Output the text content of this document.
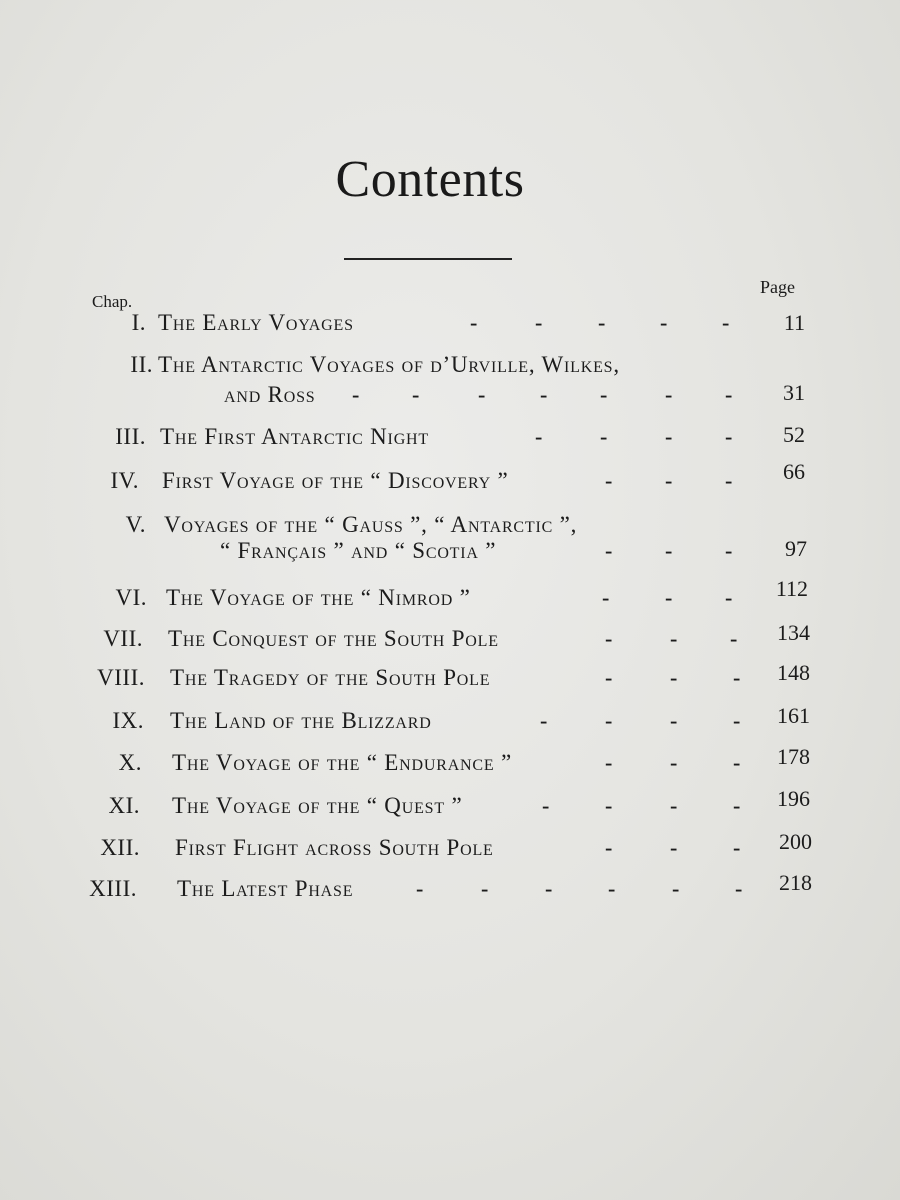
Contents
Chap.
Page
I. The Early Voyages	-	-	- - -	11
II. The Antarctic Voyages of d’Urville, Wilkes,
and Ross - -	- - -	- -	31
III. The First Antarctic Night	-	-	- -	52
IV. First Voyage of the “ Discovery ”	- - -	66
V. Voyages of the “ Gauss ”, “ Antarctic ”,
“ Français ” and “ Scotia ”	- - -	97
VI. The Voyage of the “ Nimrod ”	-	- -	112
VII. The Conquest of the South Pole	-	- -	134
VIII. The Tragedy of the South Pole	-	-	-	148
IX. The Land of the Blizzard	-	-	-	-	161
X. The Voyage of the “ Endurance ”	-	-	-	178
XI. The Voyage of the “ Quest ”	-	-	-	-	196
XII. First Flight across South Pole	-	-	-	200
XIII. The Latest Phase	-	-	-	-	-	-	218
